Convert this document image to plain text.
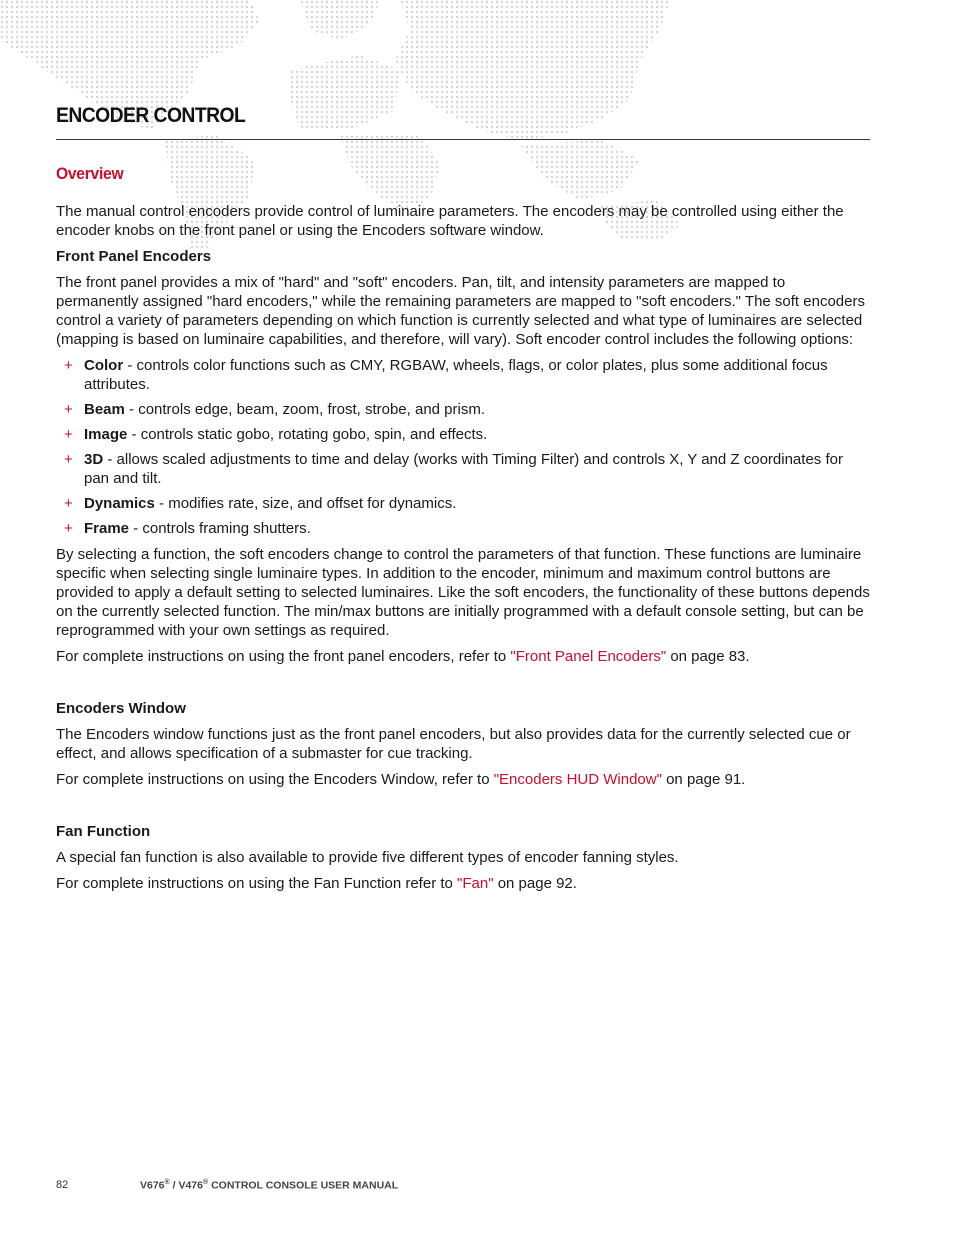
ENCODER CONTROL
Overview

The manual control encoders provide control of luminaire parameters. The encoders may be controlled using either the encoder knobs on the front panel or using the Encoders software window.

Front Panel Encoders

The front panel provides a mix of "hard" and "soft" encoders. Pan, tilt, and intensity parameters are mapped to permanently assigned "hard encoders," while the remaining parameters are mapped to "soft encoders." The soft encoders control a variety of parameters depending on which function is currently selected and what type of luminaires are selected (mapping is based on luminaire capabilities, and therefore, will vary). Soft encoder control includes the following options:

+ Color - controls color functions such as CMY, RGBAW, wheels, flags, or color plates, plus some additional focus attributes.
+ Beam - controls edge, beam, zoom, frost, strobe, and prism.
+ Image - controls static gobo, rotating gobo, spin, and effects.
+ 3D - allows scaled adjustments to time and delay (works with Timing Filter) and controls X, Y and Z coordinates for pan and tilt.
+ Dynamics - modifies rate, size, and offset for dynamics.
+ Frame - controls framing shutters.

By selecting a function, the soft encoders change to control the parameters of that function. These functions are luminaire specific when selecting single luminaire types. In addition to the encoder, minimum and maximum control buttons are provided to apply a default setting to selected luminaires. Like the soft encoders, the functionality of these buttons depends on the currently selected function. The min/max buttons are initially programmed with a default console setting, but can be reprogrammed with your own settings as required.

For complete instructions on using the front panel encoders, refer to "Front Panel Encoders" on page 83.

Encoders Window

The Encoders window functions just as the front panel encoders, but also provides data for the currently selected cue or effect, and allows specification of a submaster for cue tracking.

For complete instructions on using the Encoders Window, refer to "Encoders HUD Window" on page 91.

Fan Function

A special fan function is also available to provide five different types of encoder fanning styles.

For complete instructions on using the Fan Function refer to "Fan" on page 92.

82	V676® / V476® CONTROL CONSOLE USER MANUAL
